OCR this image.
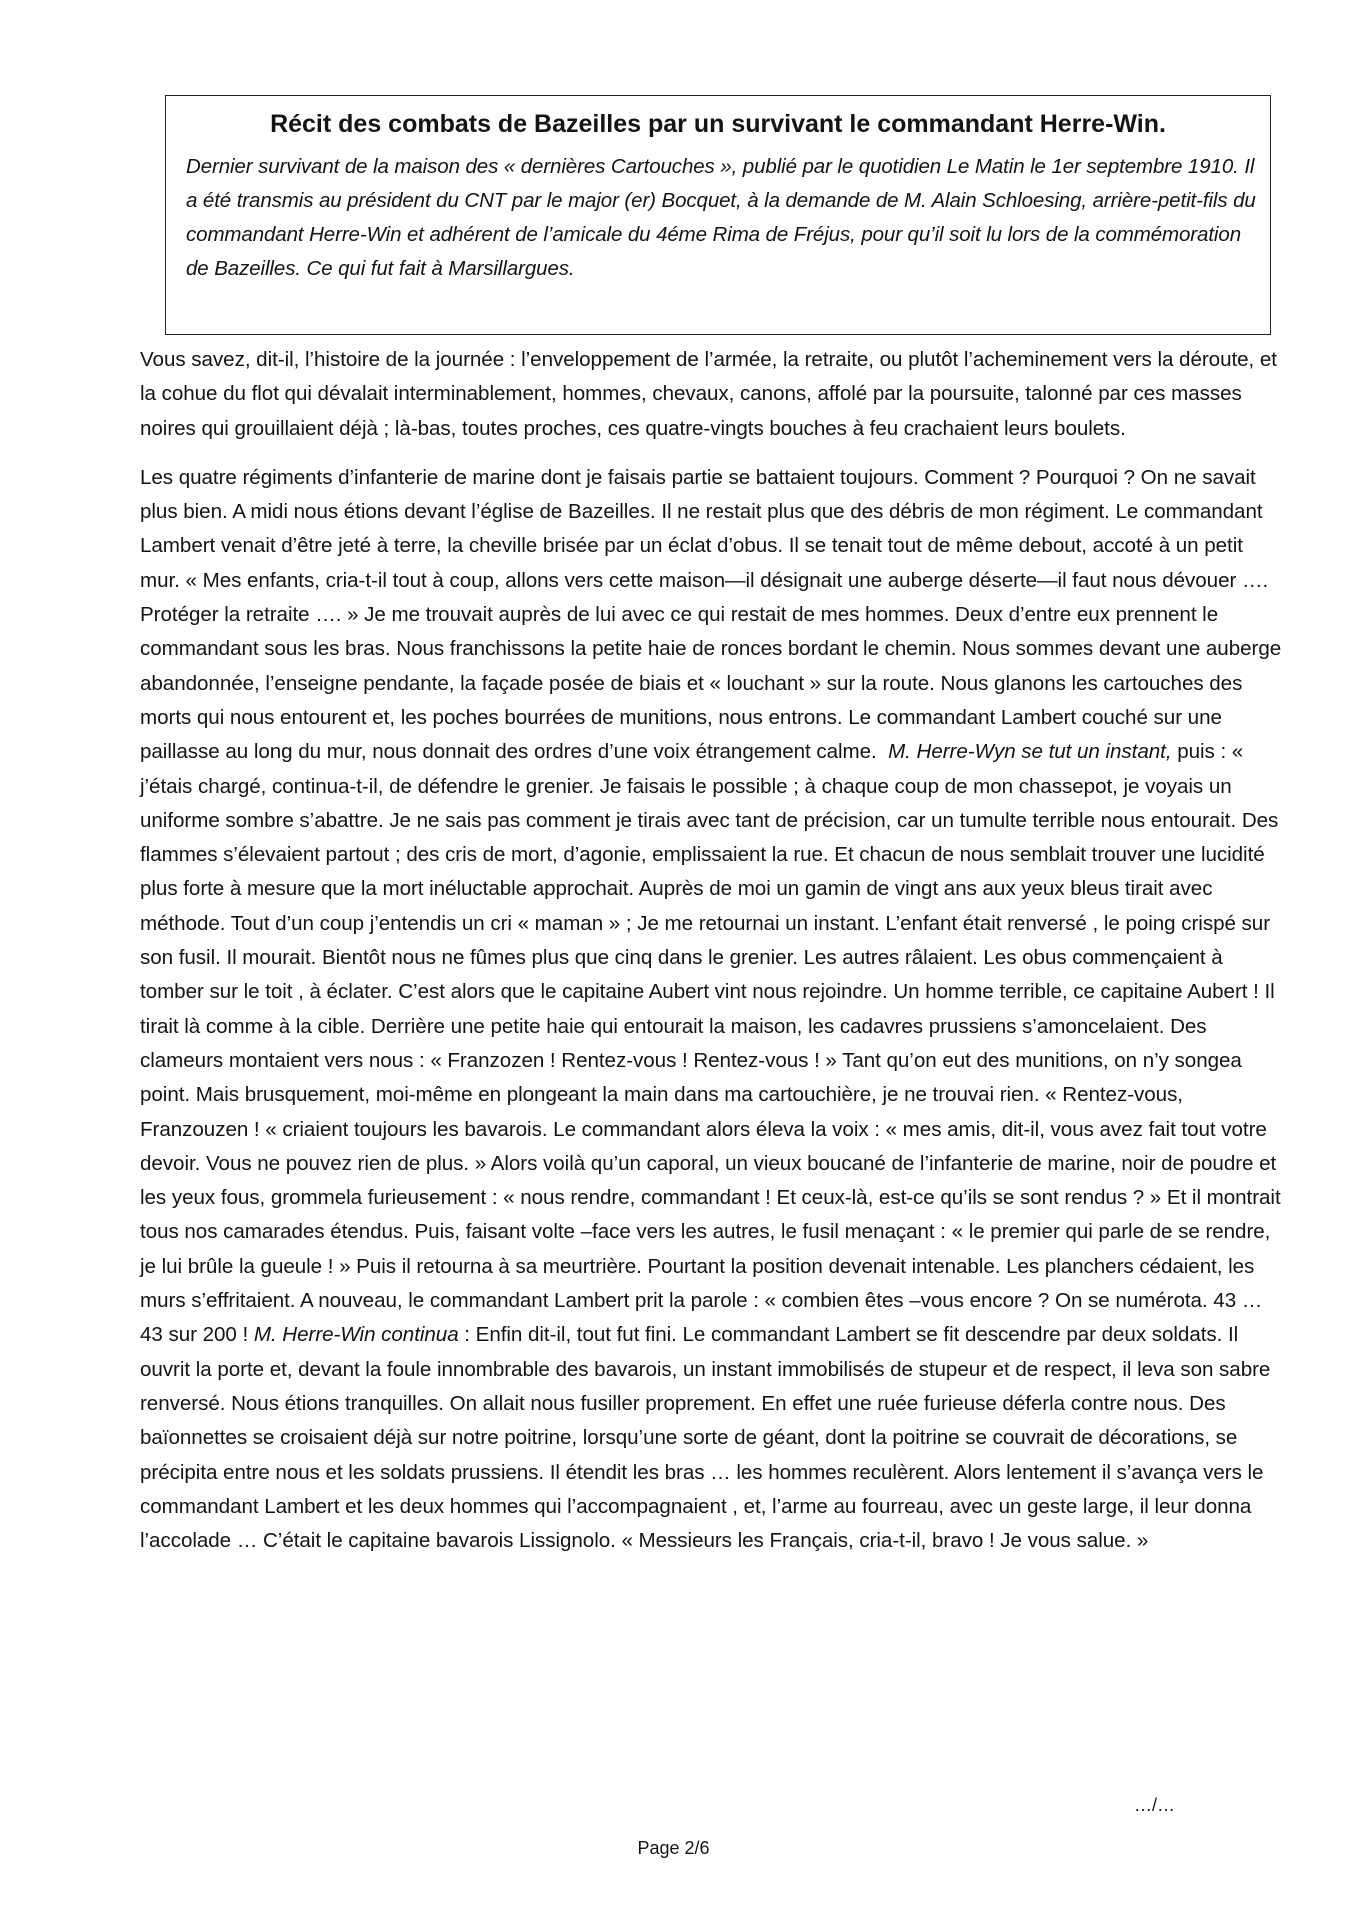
Récit des combats de Bazeilles par un survivant le commandant Herre-Win.

Dernier survivant de la maison des « dernières Cartouches », publié par le quotidien Le Matin le 1er septembre 1910. Il a été transmis au président du CNT par le major (er) Bocquet, à la demande de M. Alain Schloesing, arrière-petit-fils du commandant Herre-Win et adhérent de l’amicale du 4éme Rima de Fréjus, pour qu’il soit lu lors de la commémoration de Bazeilles. Ce qui fut fait à Marsillargues.

Vous savez, dit-il, l’histoire de la journée : l’enveloppement de l’armée, la retraite, ou plutôt l’acheminement vers la déroute, et la cohue du flot qui dévalait interminablement, hommes, chevaux, canons, affolé par la poursuite, talonné par ces masses noires qui grouillaient déjà ; là-bas, toutes proches, ces quatre-vingts bouches à feu crachaient leurs boulets.

Les quatre régiments d’infanterie de marine dont je faisais partie se battaient toujours. Comment ? Pourquoi ? On ne savait plus bien. A midi nous étions devant l’église de Bazeilles. Il ne restait plus que des débris de mon régiment. Le commandant Lambert venait d’être jeté à terre, la cheville brisée par un éclat d’obus. Il se tenait tout de même debout, accoté à un petit mur. « Mes enfants, cria-t-il tout à coup, allons vers cette maison—il désignait une auberge déserte—il faut nous dévouer …. Protéger la retraite …. » Je me trouvait auprès de lui avec ce qui restait de mes hommes. Deux d’entre eux prennent le commandant sous les bras. Nous franchissons la petite haie de ronces bordant le chemin. Nous sommes devant une auberge abandonnée, l’enseigne pendante, la façade posée de biais et « louchant » sur la route. Nous glanons les cartouches des morts qui nous entourent et, les poches bourrées de munitions, nous entrons. Le commandant Lambert couché sur une paillasse au long du mur, nous donnait des ordres d’une voix étrangement calme. M. Herre-Wyn se tut un instant, puis : « j’étais chargé, continua-t-il, de défendre le grenier. Je faisais le possible ; à chaque coup de mon chassepot, je voyais un uniforme sombre s’abattre. Je ne sais pas comment je tirais avec tant de précision, car un tumulte terrible nous entourait. Des flammes s’élevaient partout ; des cris de mort, d’agonie, emplissaient la rue. Et chacun de nous semblait trouver une lucidité plus forte à mesure que la mort inéluctable approchait. Auprès de moi un gamin de vingt ans aux yeux bleus tirait avec méthode. Tout d’un coup j’entendis un cri « maman » ; Je me retournai un instant. L’enfant était renversé , le poing crispé sur son fusil. Il mourait. Bientôt nous ne fûmes plus que cinq dans le grenier. Les autres râlaient. Les obus commençaient à tomber sur le toit , à éclater. C’est alors que le capitaine Aubert vint nous rejoindre. Un homme terrible, ce capitaine Aubert ! Il tirait là comme à la cible. Derrière une petite haie qui entourait la maison, les cadavres prussiens s’amoncelaient. Des clameurs montaient vers nous : « Franzozen ! Rentez-vous ! Rentez-vous ! » Tant qu’on eut des munitions, on n’y songea point. Mais brusquement, moi-même en plongeant la main dans ma cartouchière, je ne trouvai rien. « Rentez-vous, Franzouzen ! « criaient toujours les bavarois. Le commandant alors éleva la voix : « mes amis, dit-il, vous avez fait tout votre devoir. Vous ne pouvez rien de plus. » Alors voilà qu’un caporal, un vieux boucané de l’infanterie de marine, noir de poudre et les yeux fous, grommela furieusement : « nous rendre, commandant ! Et ceux-là, est-ce qu’ils se sont rendus ? » Et il montrait tous nos camarades étendus. Puis, faisant volte –face vers les autres, le fusil menaçant : « le premier qui parle de se rendre, je lui brûle la gueule ! » Puis il retourna à sa meurtrière. Pourtant la position devenait intenable. Les planchers cédaient, les murs s’effritaient. A nouveau, le commandant Lambert prit la parole : « combien êtes –vous encore ? On se numérota. 43 … 43 sur 200 ! M. Herre-Win continua : Enfin dit-il, tout fut fini. Le commandant Lambert se fit descendre par deux soldats. Il ouvrit la porte et, devant la foule innombrable des bavarois, un instant immobilisés de stupeur et de respect, il leva son sabre renversé. Nous étions tranquilles. On allait nous fusiller proprement. En effet une ruée furieuse déferla contre nous. Des baïonnettes se croisaient déjà sur notre poitrine, lorsqu’une sorte de géant, dont la poitrine se couvrait de décorations, se précipita entre nous et les soldats prussiens. Il étendit les bras … les hommes reculèrent. Alors lentement il s’avança vers le commandant Lambert et les deux hommes qui l’accompagnaient , et, l’arme au fourreau, avec un geste large, il leur donna l’accolade … C’était le capitaine bavarois Lissignolo. « Messieurs les Français, cria-t-il, bravo ! Je vous salue. »

…/…
Page 2/6
